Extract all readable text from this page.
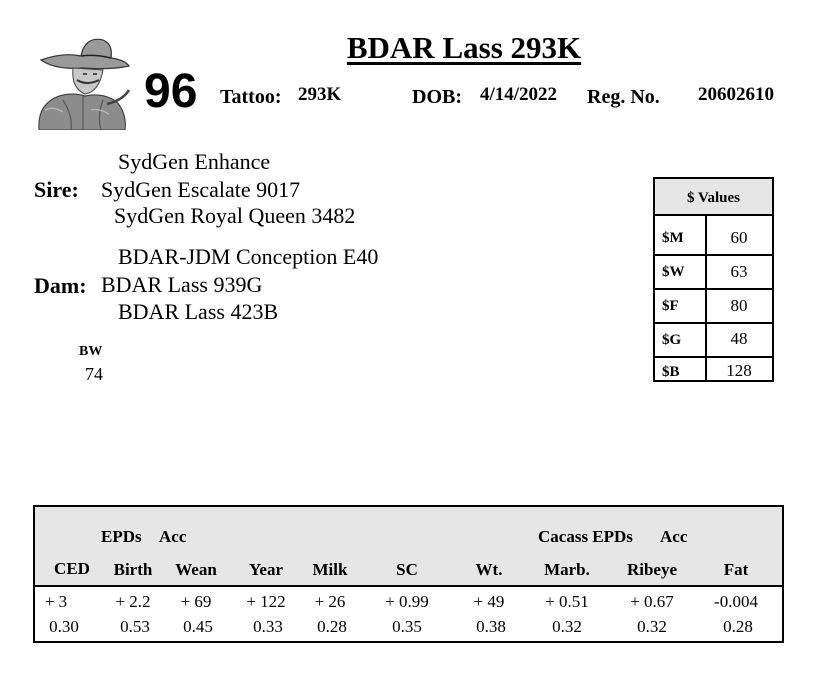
BDAR Lass 293K
96 Tattoo: 293K	DOB: 4/14/2022 Reg. No. 20602610
SydGen Enhance
Sire: SydGen Escalate 9017
SydGen Royal Queen 3482
BDAR-JDM Conception E40
Dam: BDAR Lass 939G
BDAR Lass 423B
BW
74
$ Values
$M	60
$W	63
$F	80
$G	48
$B	128
EPDs Acc	Cacass EPDs Acc
CED	Birth	Wean	Year	Milk	SC	Wt.	Marb.	Ribeye	Fat
+ 3	+ 2.2	+ 69	+ 122	+ 26	+ 0.99	+ 49	+ 0.51	+ 0.67	-0.004
0.30	0.53	0.45	0.33	0.28	0.35	0.38	0.32	0.32	0.28
